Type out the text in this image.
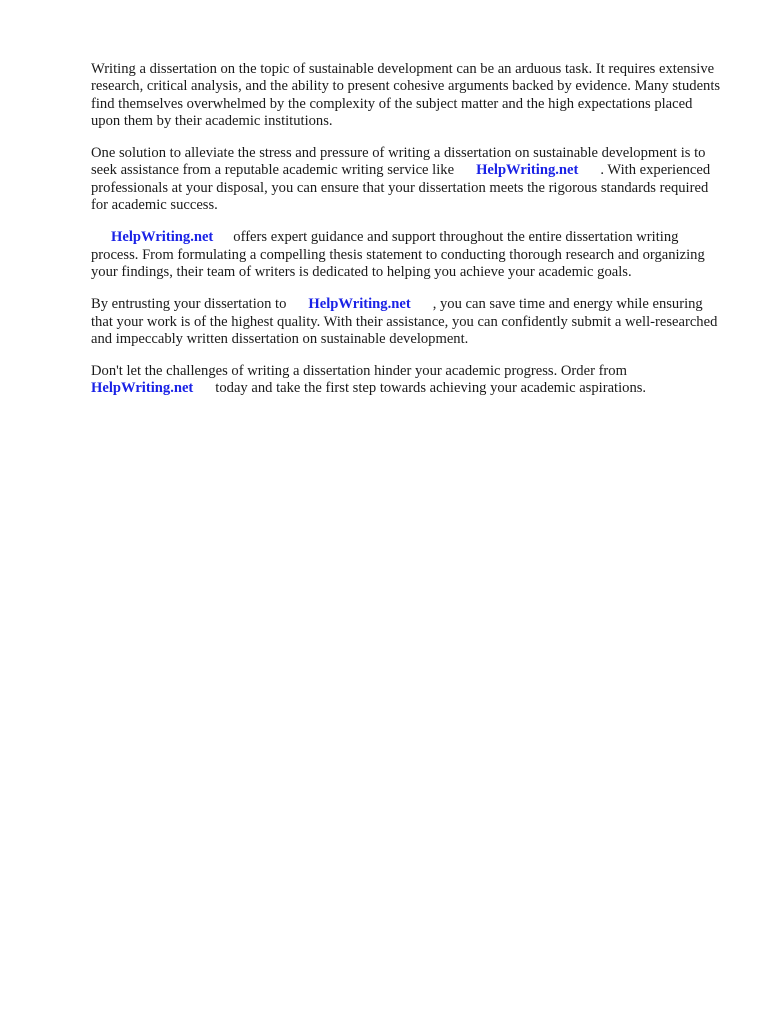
Writing a dissertation on the topic of sustainable development can be an arduous task. It requires extensive research, critical analysis, and the ability to present cohesive arguments backed by evidence. Many students find themselves overwhelmed by the complexity of the subject matter and the high expectations placed upon them by their academic institutions.

One solution to alleviate the stress and pressure of writing a dissertation on sustainable development is to seek assistance from a reputable academic writing service like HelpWriting.net . With experienced professionals at your disposal, you can ensure that your dissertation meets the rigorous standards required for academic success.

HelpWriting.net offers expert guidance and support throughout the entire dissertation writing process. From formulating a compelling thesis statement to conducting thorough research and organizing your findings, their team of writers is dedicated to helping you achieve your academic goals.

By entrusting your dissertation to HelpWriting.net , you can save time and energy while ensuring that your work is of the highest quality. With their assistance, you can confidently submit a well-researched and impeccably written dissertation on sustainable development.

Don't let the challenges of writing a dissertation hinder your academic progress. Order from HelpWriting.net today and take the first step towards achieving your academic aspirations.
